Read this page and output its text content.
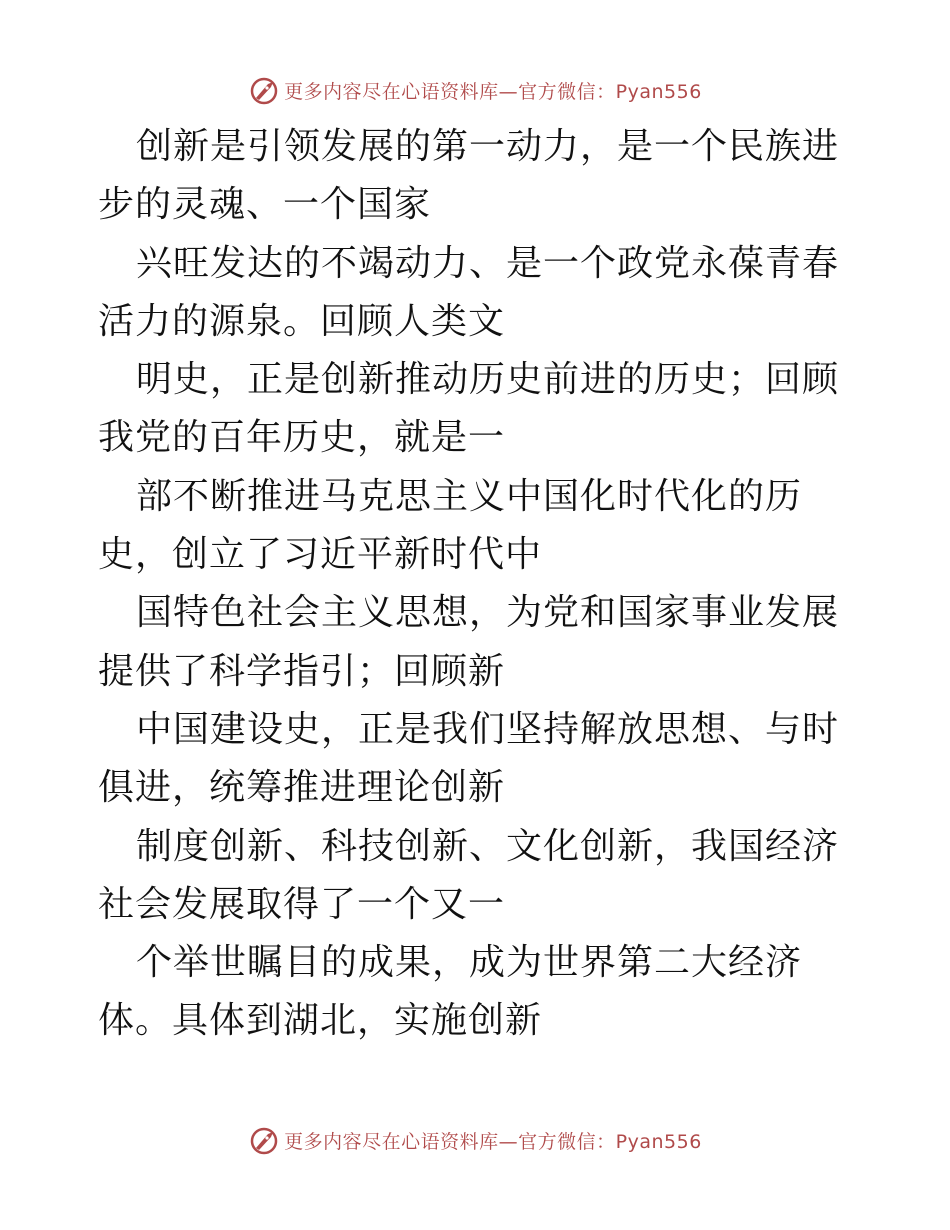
更多内容尽在心语资料库—官方微信：Pyan556

创新是引领发展的第一动力，是一个民族进步的灵魂、一个国家

兴旺发达的不竭动力、是一个政党永葆青春活力的源泉。回顾人类文

明史，正是创新推动历史前进的历史；回顾我党的百年历史，就是一

部不断推进马克思主义中国化时代化的历史，创立了习近平新时代中

国特色社会主义思想，为党和国家事业发展提供了科学指引；回顾新

中国建设史，正是我们坚持解放思想、与时俱进，统筹推进理论创新

制度创新、科技创新、文化创新，我国经济社会发展取得了一个又一

个举世瞩目的成果，成为世界第二大经济体。具体到湖北，实施创新

更多内容尽在心语资料库—官方微信：Pyan556
